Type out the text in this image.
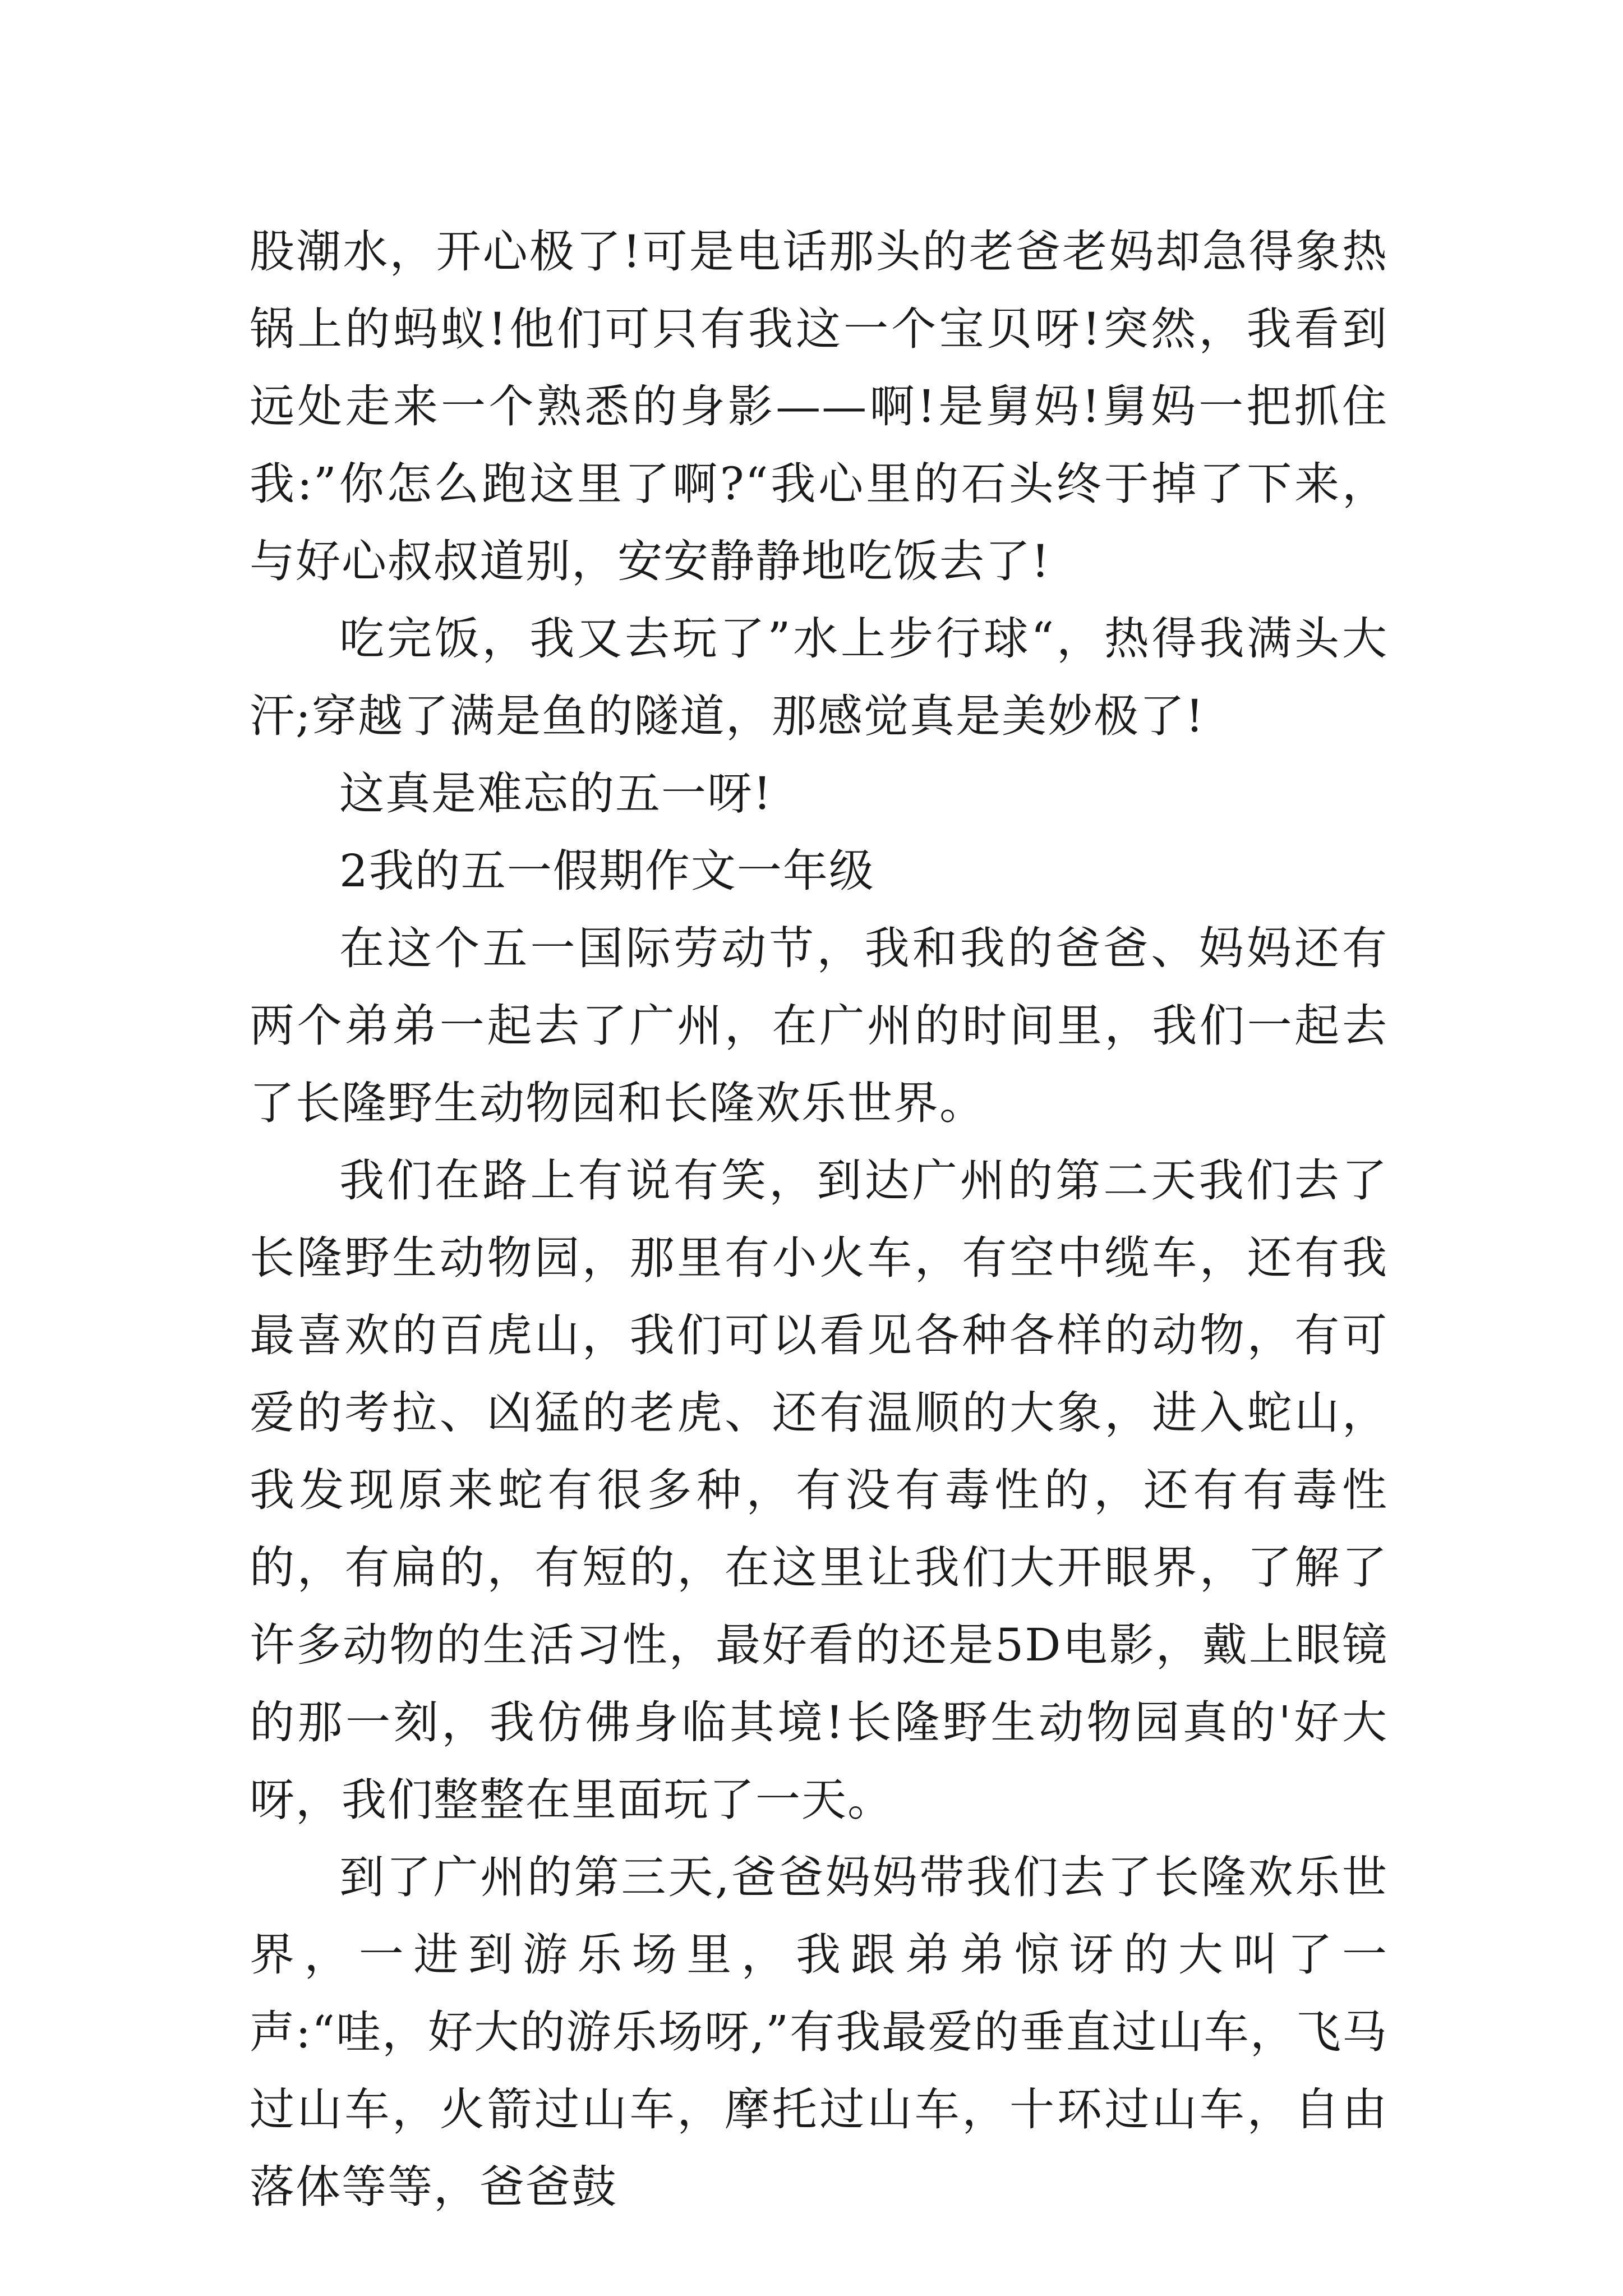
股潮水，开心极了!可是电话那头的老爸老妈却急得象热锅上的蚂蚁!他们可只有我这一个宝贝呀!突然，我看到远处走来一个熟悉的身影——啊!是舅妈!舅妈一把抓住我:”你怎么跑这里了啊?“我心里的石头终于掉了下来，与好心叔叔道别，安安静静地吃饭去了!

吃完饭，我又去玩了”水上步行球“，热得我满头大汗;穿越了满是鱼的隧道，那感觉真是美妙极了!

这真是难忘的五一呀!

2我的五一假期作文一年级

在这个五一国际劳动节，我和我的爸爸、妈妈还有两个弟弟一起去了广州，在广州的时间里，我们一起去了长隆野生动物园和长隆欢乐世界。

我们在路上有说有笑，到达广州的第二天我们去了长隆野生动物园，那里有小火车，有空中缆车，还有我最喜欢的百虎山，我们可以看见各种各样的动物，有可爱的考拉、凶猛的老虎、还有温顺的大象，进入蛇山，我发现原来蛇有很多种，有没有毒性的，还有有毒性的，有扁的，有短的，在这里让我们大开眼界，了解了许多动物的生活习性，最好看的还是5D电影，戴上眼镜的那一刻，我仿佛身临其境!长隆野生动物园真的'好大呀，我们整整在里面玩了一天。

到了广州的第三天,爸爸妈妈带我们去了长隆欢乐世界，一进到游乐场里，我跟弟弟惊讶的大叫了一声:“哇，好大的游乐场呀,”有我最爱的垂直过山车，飞马过山车，火箭过山车，摩托过山车，十环过山车，自由落体等等，爸爸鼓
